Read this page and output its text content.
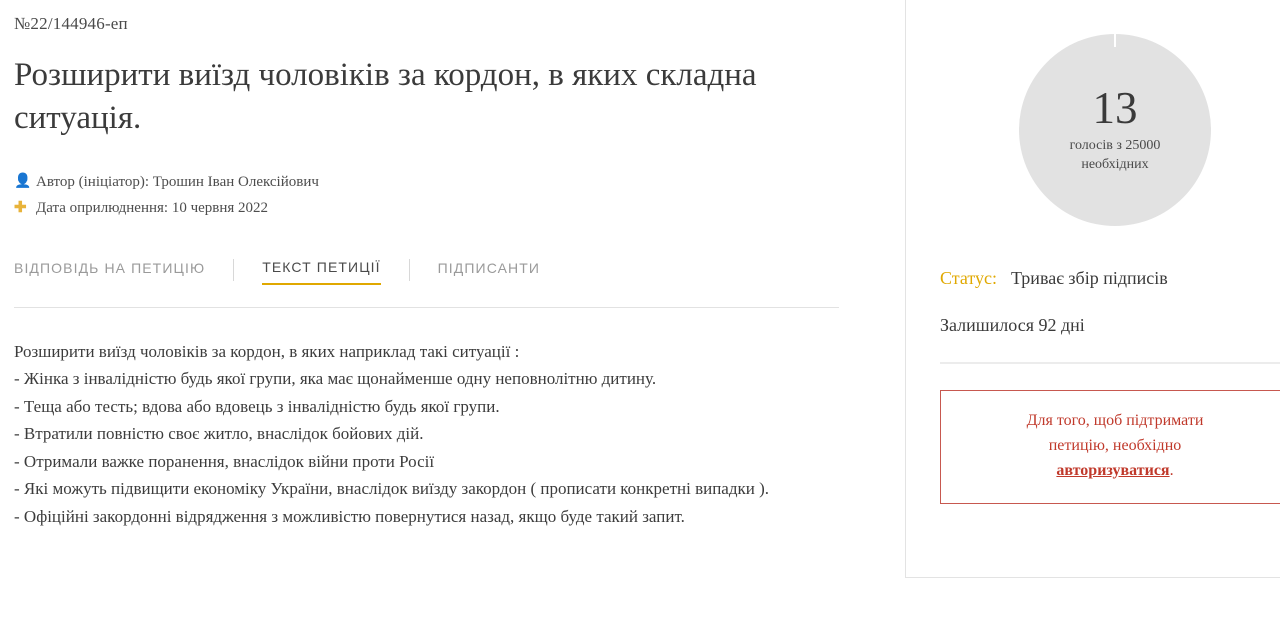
№22/144946-еп
Розширити виїзд чоловіків за кордон, в яких складна ситуація.
👤 Автор (ініціатор): Трошин Іван Олексійович
✚ Дата оприлюднення: 10 червня 2022
ВІДПОВІДЬ НА ПЕТИЦІЮ	ТЕКСТ ПЕТИЦІЇ	ПІДПИСАНТИ

Розширити виїзд чоловіків за кордон, в яких наприклад такі ситуації :

- Жінка з інвалідністю будь якої групи, яка має щонайменше одну неповнолітню дитину.

- Теща або тесть; вдова або вдовець з інвалідністю будь якої групи.

- Втратили повністю своє житло, внаслідок бойових дій.

- Отримали важке поранення, внаслідок війни проти Росії

- Які можуть підвищити економіку України, внаслідок виїзду закордон ( прописати конкретні випадки ).

- Офіційні закордонні відрядження з можливістю повернутися назад, якщо буде такий запит.

13
голосів з 25000
необхідних
Статус: Триває збір підписів
Залишилося 92 дні
Для того, щоб підтримати
петицію, необхідно
авторизуватися.
